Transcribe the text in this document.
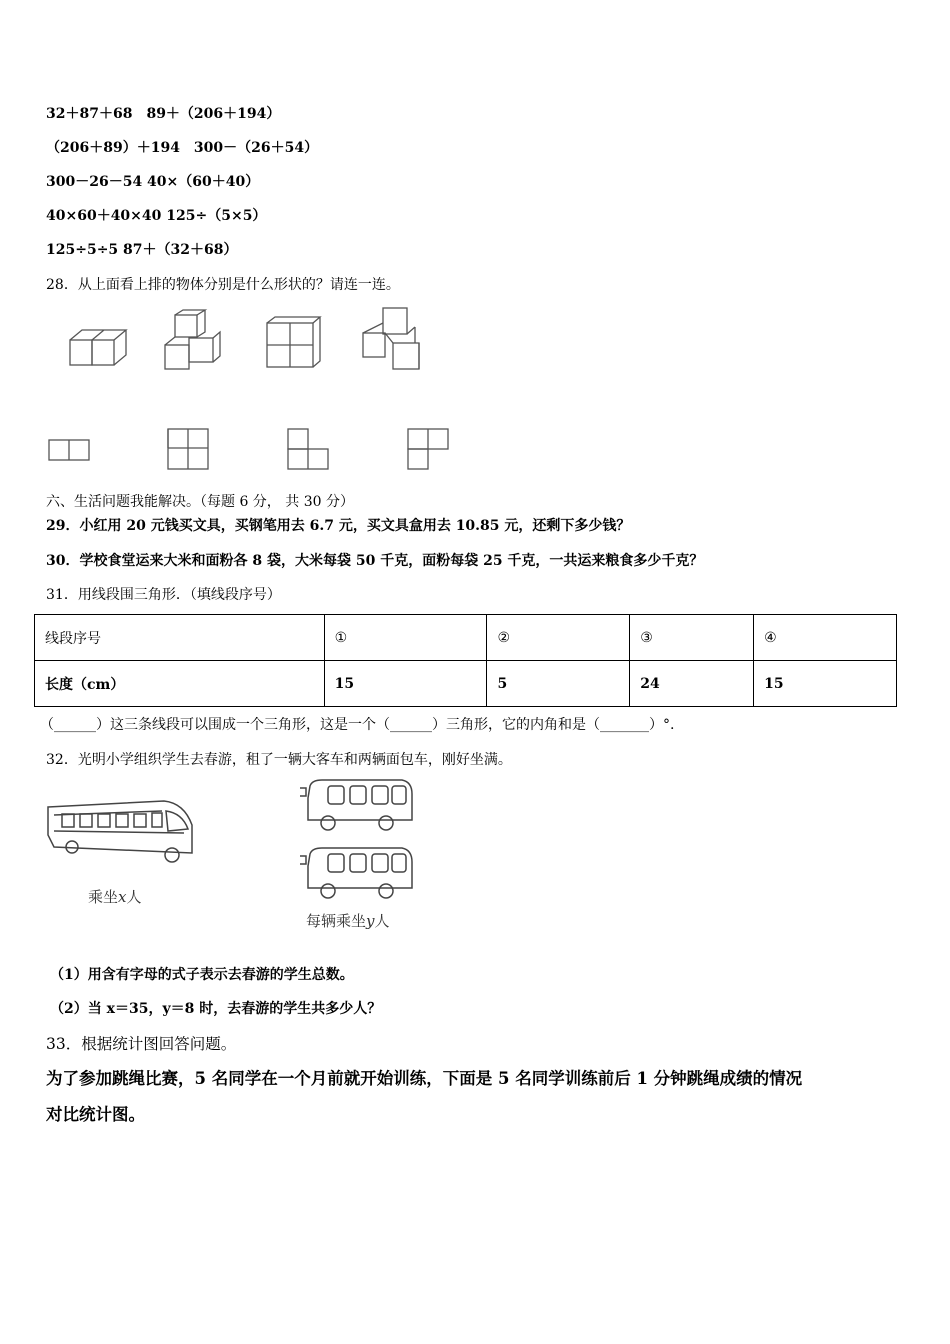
32＋87＋68　89＋（206＋194）
（206＋89）＋194　300－（26＋54）
300－26－54 40×（60＋40）
40×60＋40×40 125÷（5×5）
125÷5÷5 87＋（32＋68）
28．从上面看上排的物体分别是什么形状的？请连一连。
六、生活问题我能解决。（每题 6 分， 共 30 分）
29．小红用 20 元钱买文具，买钢笔用去 6.7 元，买文具盒用去 10.85 元，还剩下多少钱？
30．学校食堂运来大米和面粉各 8 袋，大米每袋 50 千克，面粉每袋 25 千克，一共运来粮食多少千克？
31．用线段围三角形．（填线段序号）
线段序号	①	②	③	④
长度（cm）	15	5	24	15
（______）这三条线段可以围成一个三角形，这是一个（______）三角形，它的内角和是（_______）°.
32．光明小学组织学生去春游，租了一辆大客车和两辆面包车，刚好坐满。
乘坐x人
每辆乘坐y人
（1）用含有字母的式子表示去春游的学生总数。
（2）当 x＝35，y＝8 时，去春游的学生共多少人？
33．根据统计图回答问题。
为了参加跳绳比赛，5 名同学在一个月前就开始训练，下面是 5 名同学训练前后 1 分钟跳绳成绩的情况
对比统计图。
